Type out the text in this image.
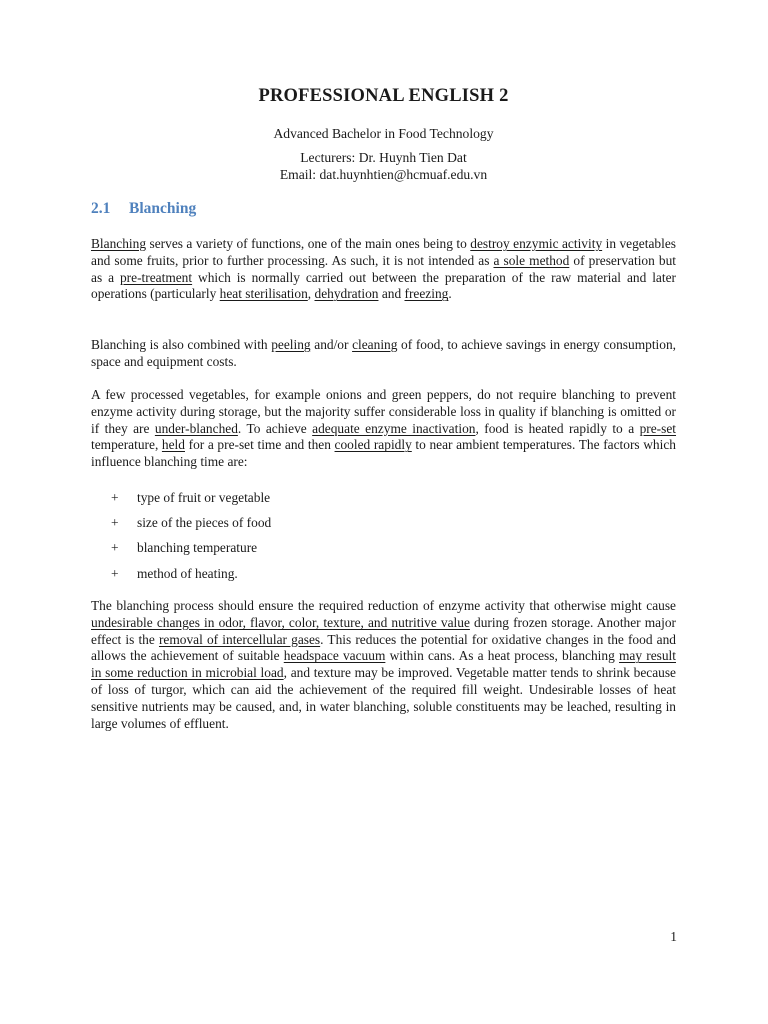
PROFESSIONAL ENGLISH 2
Advanced Bachelor in Food Technology
Lecturers: Dr. Huynh Tien Dat
Email: dat.huynhtien@hcmuaf.edu.vn
2.1 Blanching

Blanching serves a variety of functions, one of the main ones being to destroy enzymic activity in vegetables and some fruits, prior to further processing. As such, it is not intended as a sole method of preservation but as a pre-treatment which is normally carried out between the preparation of the raw material and later operations (particularly heat sterilisation, dehydration and freezing.

Blanching is also combined with peeling and/or cleaning of food, to achieve savings in energy consumption, space and equipment costs.

A few processed vegetables, for example onions and green peppers, do not require blanching to prevent enzyme activity during storage, but the majority suffer considerable loss in quality if blanching is omitted or if they are under-blanched. To achieve adequate enzyme inactivation, food is heated rapidly to a pre-set temperature, held for a pre-set time and then cooled rapidly to near ambient temperatures. The factors which influence blanching time are:

+ type of fruit or vegetable
+ size of the pieces of food
+ blanching temperature
+ method of heating.

The blanching process should ensure the required reduction of enzyme activity that otherwise might cause undesirable changes in odor, flavor, color, texture, and nutritive value during frozen storage. Another major effect is the removal of intercellular gases. This reduces the potential for oxidative changes in the food and allows the achievement of suitable headspace vacuum within cans. As a heat process, blanching may result in some reduction in microbial load, and texture may be improved. Vegetable matter tends to shrink because of loss of turgor, which can aid the achievement of the required fill weight. Undesirable losses of heat sensitive nutrients may be caused, and, in water blanching, soluble constituents may be leached, resulting in large volumes of effluent.

1
